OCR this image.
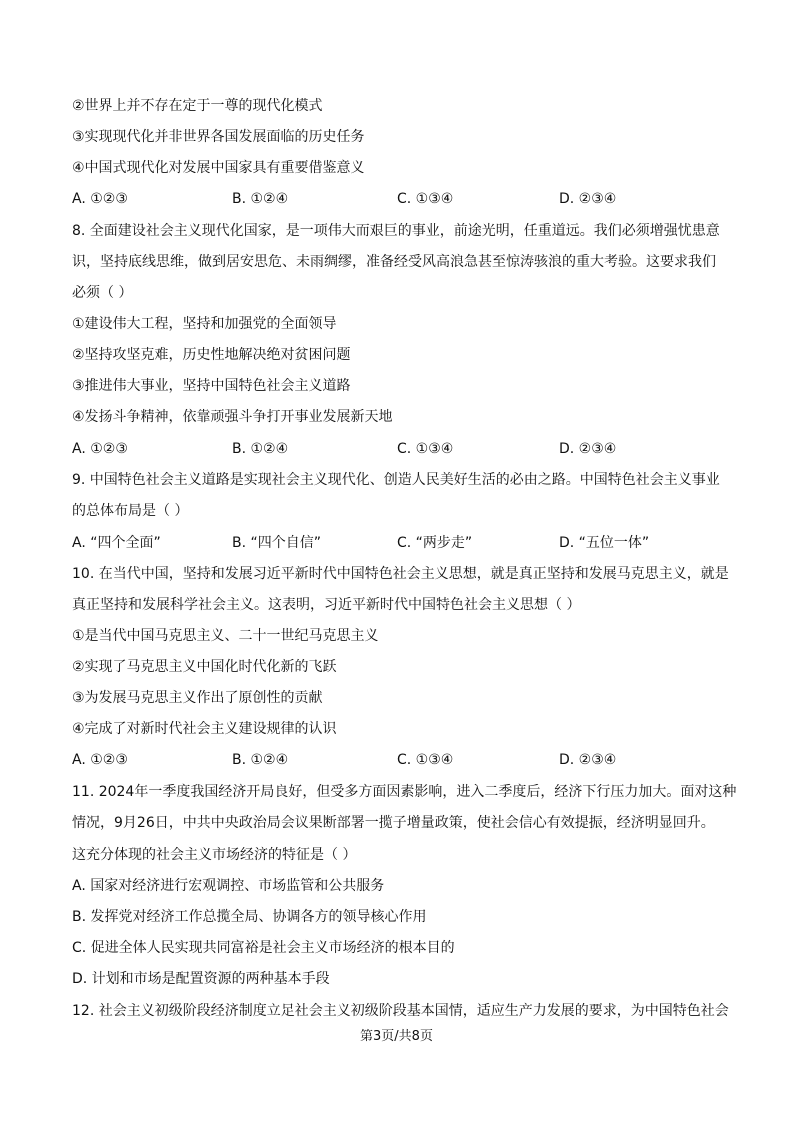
②世界上并不存在定于一尊的现代化模式
③实现现代化并非世界各国发展面临的历史任务
④中国式现代化对发展中国家具有重要借鉴意义
A. ①②③	B. ①②④	C. ①③④	D. ②③④
8. 全面建设社会主义现代化国家，是一项伟大而艰巨的事业，前途光明，任重道远。我们必须增强忧患意
识，坚持底线思维，做到居安思危、未雨绸缪，准备经受风高浪急甚至惊涛骇浪的重大考验。这要求我们
必须（ ）
①建设伟大工程，坚持和加强党的全面领导
②坚持攻坚克难，历史性地解决绝对贫困问题
③推进伟大事业，坚持中国特色社会主义道路
④发扬斗争精神，依靠顽强斗争打开事业发展新天地
A. ①②③	B. ①②④	C. ①③④	D. ②③④
9. 中国特色社会主义道路是实现社会主义现代化、创造人民美好生活的必由之路。中国特色社会主义事业
的总体布局是（ ）
A. “四个全面”	B. “四个自信”	C. “两步走”	D. “五位一体”
10. 在当代中国，坚持和发展习近平新时代中国特色社会主义思想，就是真正坚持和发展马克思主义，就是
真正坚持和发展科学社会主义。这表明，习近平新时代中国特色社会主义思想（ ）
①是当代中国马克思主义、二十一世纪马克思主义
②实现了马克思主义中国化时代化新的飞跃
③为发展马克思主义作出了原创性的贡献
④完成了对新时代社会主义建设规律的认识
A. ①②③	B. ①②④	C. ①③④	D. ②③④
11. 2024年一季度我国经济开局良好，但受多方面因素影响，进入二季度后，经济下行压力加大。面对这种
情况，9月26日，中共中央政治局会议果断部署一揽子增量政策，使社会信心有效提振，经济明显回升。
这充分体现的社会主义市场经济的特征是（ ）
A. 国家对经济进行宏观调控、市场监管和公共服务
B. 发挥党对经济工作总揽全局、协调各方的领导核心作用
C. 促进全体人民实现共同富裕是社会主义市场经济的根本目的
D. 计划和市场是配置资源的两种基本手段
12. 社会主义初级阶段经济制度立足社会主义初级阶段基本国情，适应生产力发展的要求，为中国特色社会
第3页/共8页
